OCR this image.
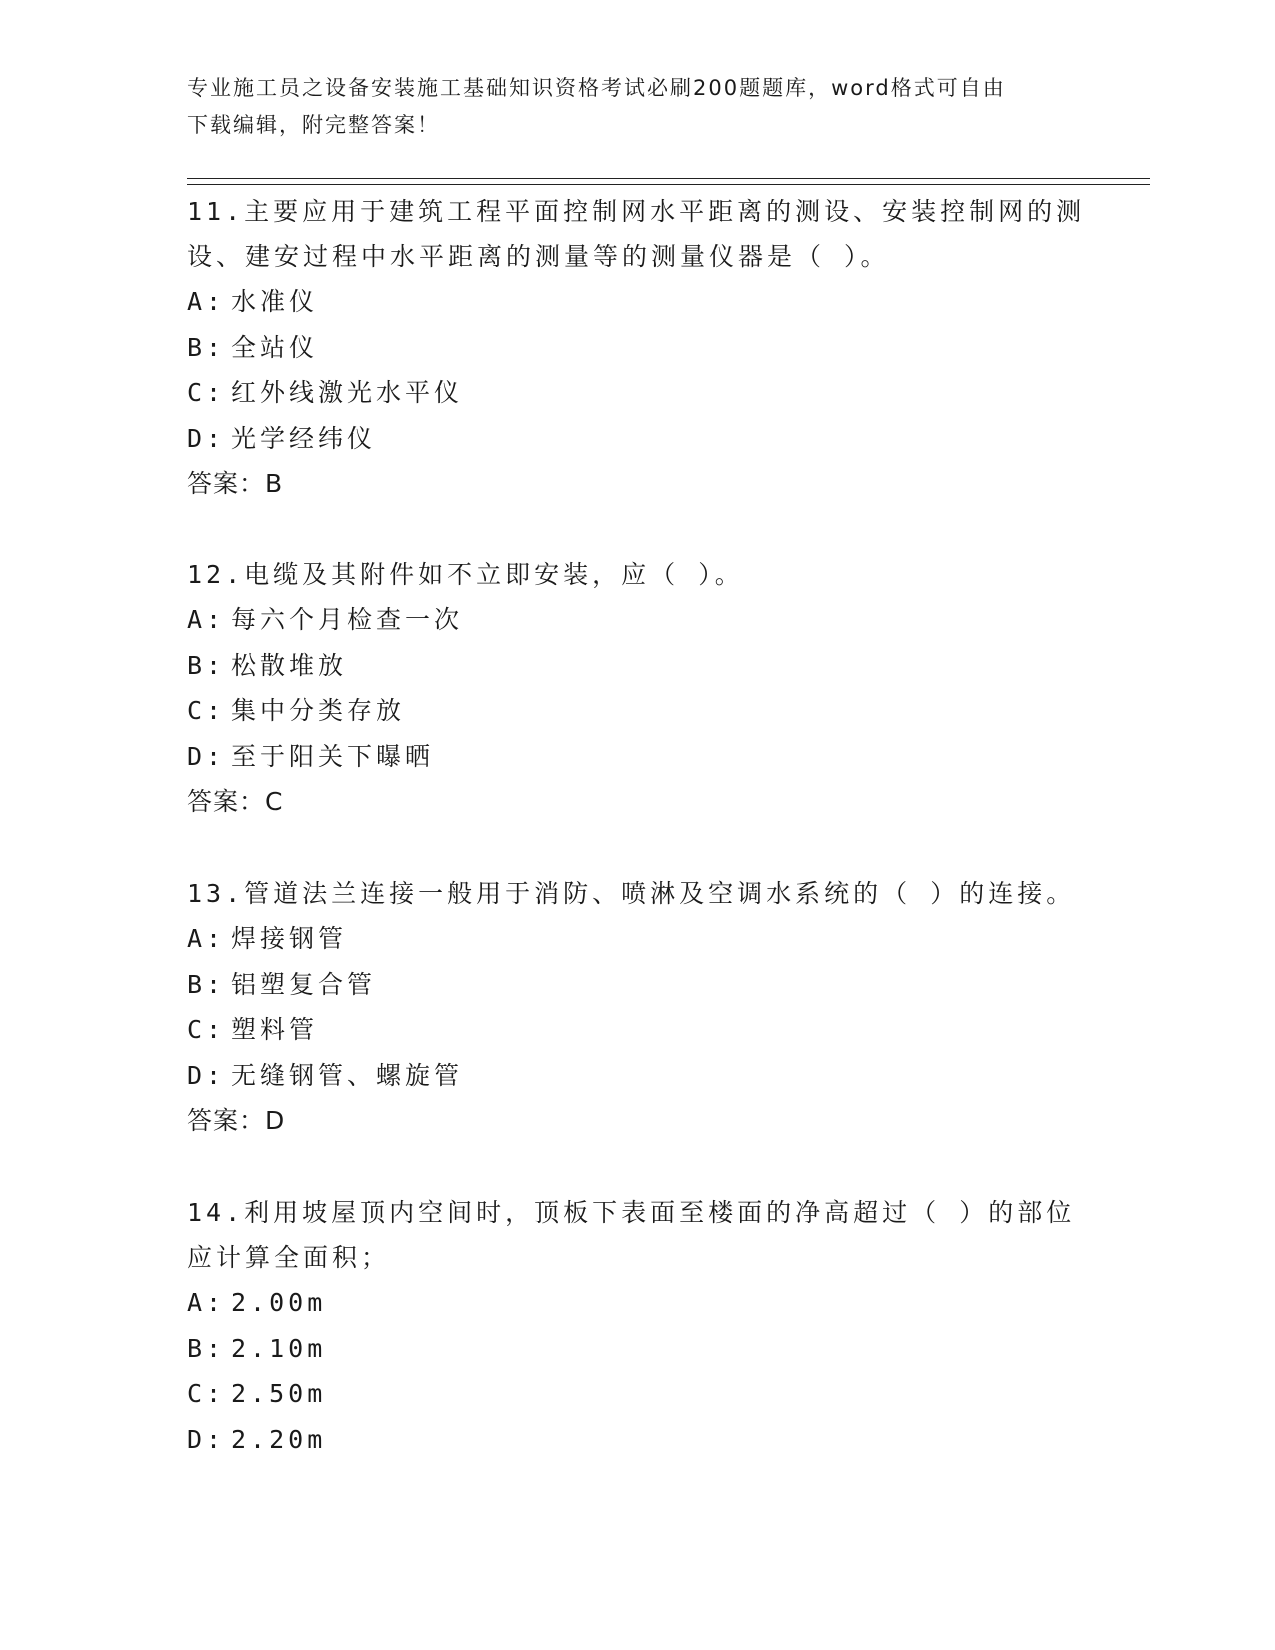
专业施工员之设备安装施工基础知识资格考试必刷200题题库，word格式可自由
下载编辑，附完整答案！
11.主要应用于建筑工程平面控制网水平距离的测设、安装控制网的测
设、建安过程中水平距离的测量等的测量仪器是（ ）。
A: 水准仪
B: 全站仪
C: 红外线激光水平仪
D: 光学经纬仪
答案：B
12.电缆及其附件如不立即安装，应（ ）。
A: 每六个月检查一次
B: 松散堆放
C: 集中分类存放
D: 至于阳关下曝晒
答案：C
13.管道法兰连接一般用于消防、喷淋及空调水系统的（ ）的连接。
A: 焊接钢管
B: 铝塑复合管
C: 塑料管
D: 无缝钢管、螺旋管
答案：D
14.利用坡屋顶内空间时，顶板下表面至楼面的净高超过（ ）的部位
应计算全面积；
A: 2.00m
B: 2.10m
C: 2.50m
D: 2.20m
